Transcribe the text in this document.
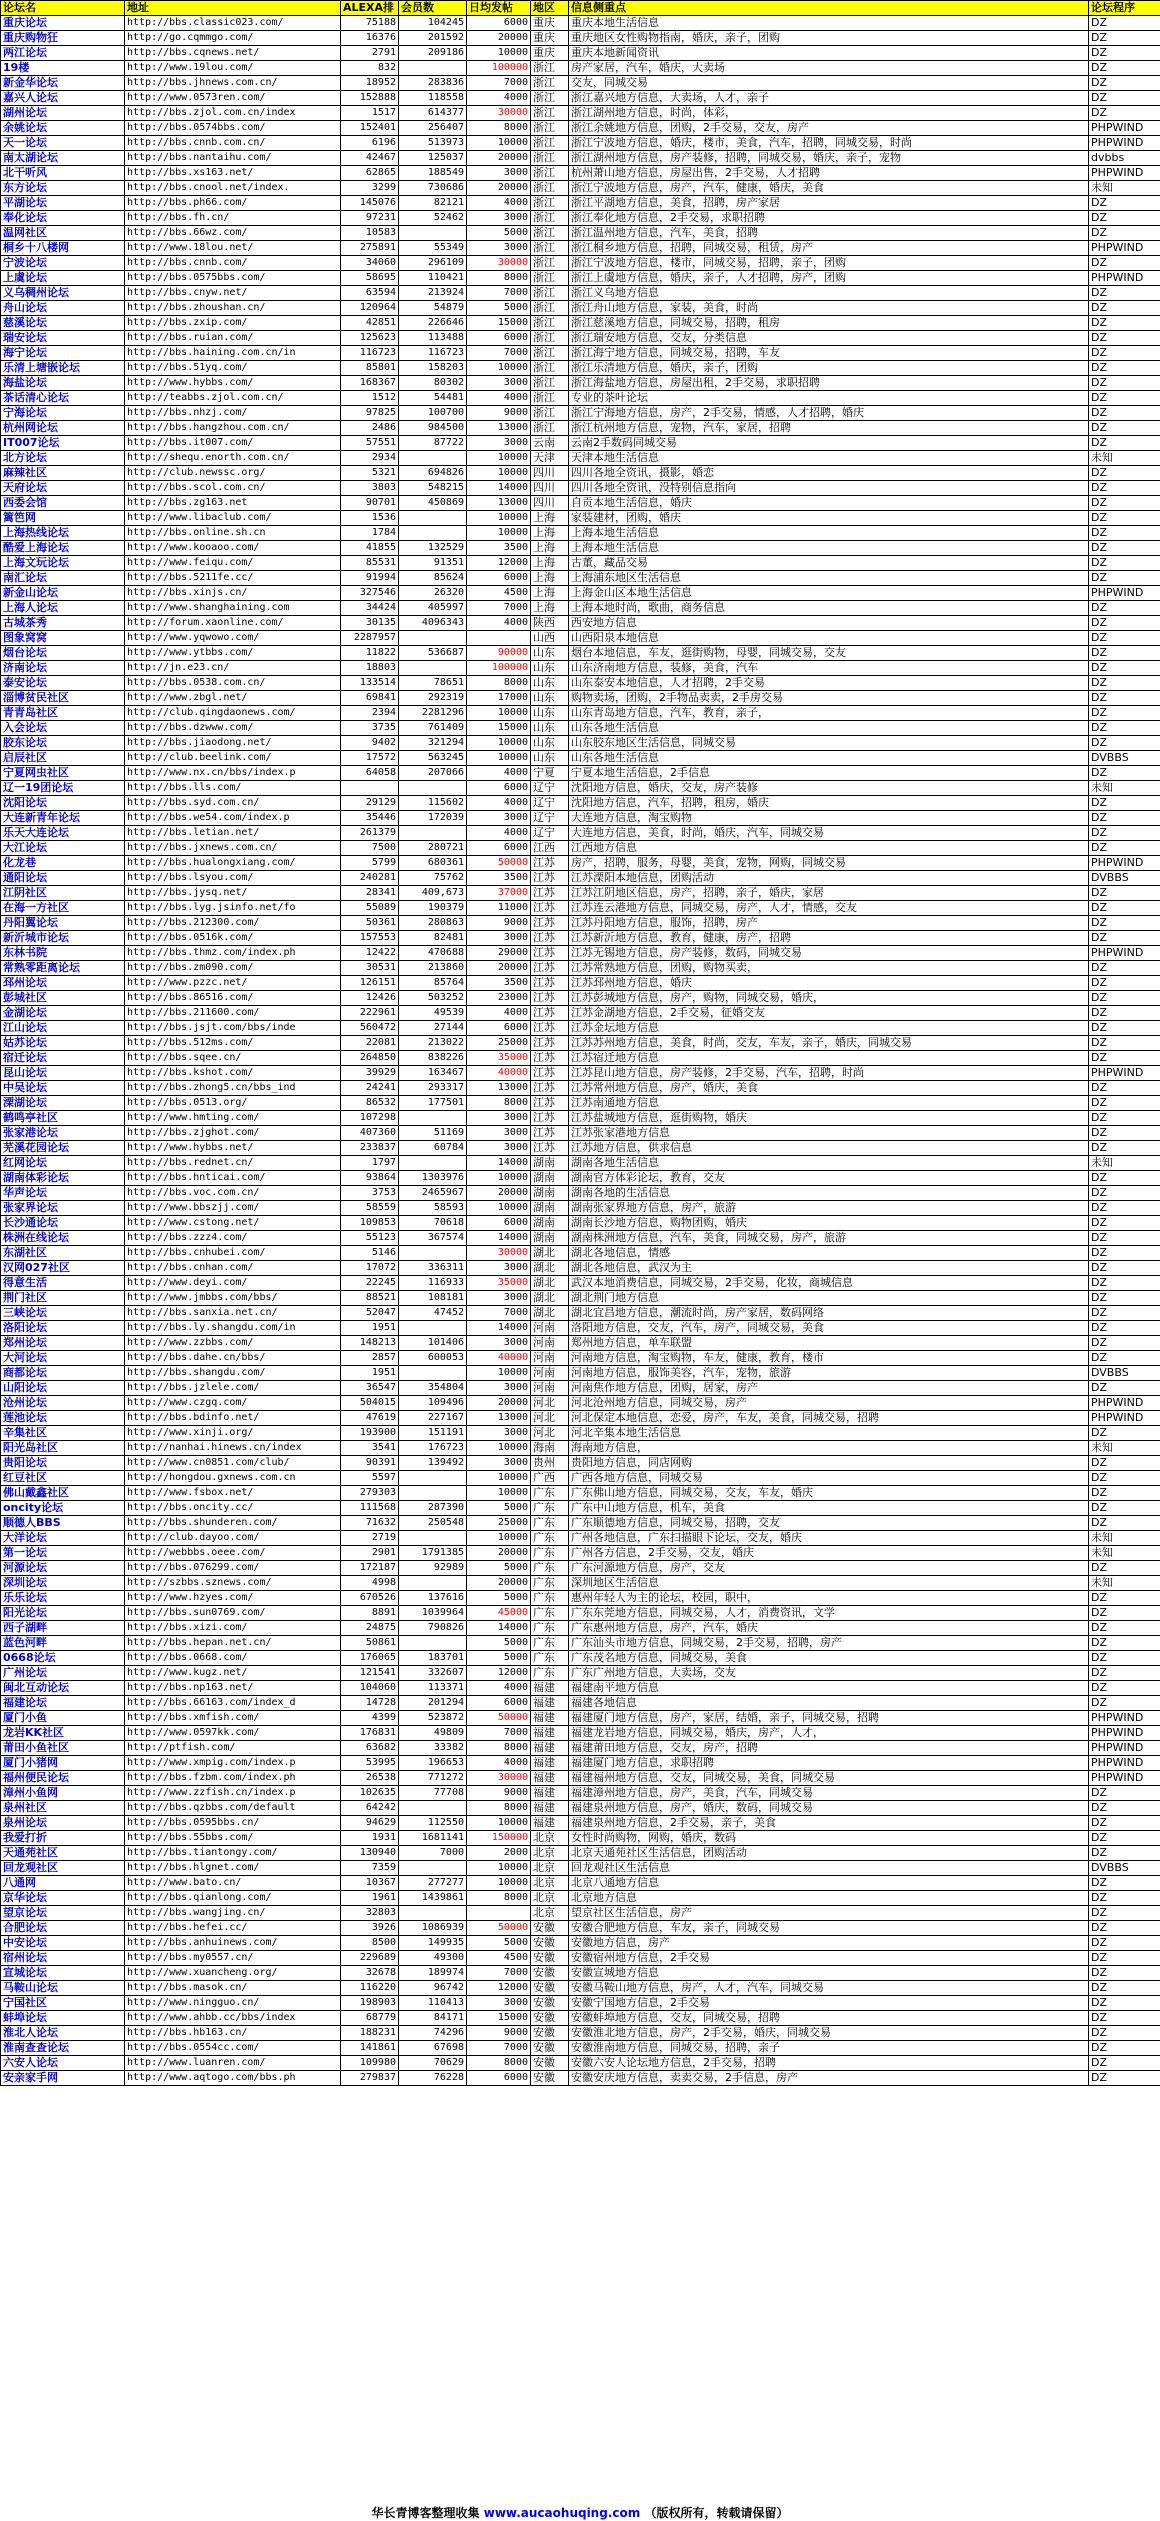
论坛名	地址	ALEXA排	会员数	日均发帖	地区	信息侧重点	论坛程序
重庆论坛	http://bbs.classic023.com/	75188	104245	6000	重庆	重庆本地生活信息	DZ
重庆购物狂	http://go.cqmmgo.com/	16376	201592	20000	重庆	重庆地区女性购物指南，婚庆，亲子，团购	DZ
两江论坛	http://bbs.cqnews.net/	2791	209186	10000	重庆	重庆本地新闻资讯	DZ
19楼	http://www.19lou.com/	832		100000	浙江	房产家居，汽车，婚庆，大卖场	DZ
新金华论坛	http://bbs.jhnews.com.cn/	18952	283836	7000	浙江	交友，同城交易	DZ
嘉兴人论坛	http://www.0573ren.com/	152888	118558	4000	浙江	浙江嘉兴地方信息，大卖场，人才，亲子	DZ
湖州论坛	http://bbs.zjol.com.cn/index	1517	614377	30000	浙江	浙江湖州地方信息，时尚，体彩，	DZ
余姚论坛	http://bbs.0574bbs.com/	152401	256407	8000	浙江	浙江余姚地方信息，团购，2手交易，交友，房产	PHPWIND
天一论坛	http://bbs.cnnb.com.cn/	6196	513973	10000	浙江	浙江宁波地方信息，婚庆，楼市，美食，汽车，招聘，同城交易，时尚	PHPWIND
南太湖论坛	http://bbs.nantaihu.com/	42467	125037	20000	浙江	浙江湖州地方信息，房产装修，招聘，同城交易，婚庆，亲子，宠物	dvbbs
北干听风	http://bbs.xs163.net/	62865	188549	3000	浙江	杭州萧山地方信息，房屋出售，2手交易，人才招聘	PHPWIND
东方论坛	http://bbs.cnool.net/index.	3299	730686	20000	浙江	浙江宁波地方信息，房产，汽车，健康，婚庆，美食	未知
平湖论坛	http://bbs.ph66.com/	145076	82121	4000	浙江	浙江平湖地方信息，美食，招聘，房产家居	DZ
奉化论坛	http://bbs.fh.cn/	97231	52462	3000	浙江	浙江奉化地方信息，2手交易，求职招聘	DZ
温网社区	http://bbs.66wz.com/	10583		5000	浙江	浙江温州地方信息，汽车，美食，招聘	DZ
桐乡十八楼网	http://www.18lou.net/	275891	55349	3000	浙江	浙江桐乡地方信息，招聘，同城交易，租赁，房产	PHPWIND
宁波论坛	http://bbs.cnnb.com/	34060	296109	30000	浙江	浙江宁波地方信息，楼市，同城交易，招聘，亲子，团购	DZ
上虞论坛	http://bbs.0575bbs.com/	58695	110421	8000	浙江	浙江上虞地方信息，婚庆，亲子，人才招聘，房产，团购	PHPWIND
义乌稠州论坛	http://bbs.cnyw.net/	63594	213924	7000	浙江	浙江义乌地方信息	DZ
舟山论坛	http://bbs.zhoushan.cn/	120964	54879	5000	浙江	浙江舟山地方信息，家装，美食，时尚	DZ
慈溪论坛	http://bbs.zxip.com/	42851	226646	15000	浙江	浙江慈溪地方信息，同城交易，招聘，租房	DZ
瑞安论坛	http://bbs.ruian.com/	125623	113488	6000	浙江	浙江瑞安地方信息，交友，分类信息	DZ
海宁论坛	http://bbs.haining.com.cn/in	116723	116723	7000	浙江	浙江海宁地方信息，同城交易，招聘，车友	DZ
乐清上塘嵌论坛	http://bbs.51yq.com/	85801	158203	10000	浙江	浙江乐清地方信息，婚庆，亲子，团购	DZ
海盐论坛	http://www.hybbs.com/	168367	80302	3000	浙江	浙江海盐地方信息，房屋出租，2手交易，求职招聘	DZ
茶话清心论坛	http://teabbs.zjol.com.cn/	1512	54481	4000	浙江	专业的茶叶论坛	DZ
宁海论坛	http://bbs.nhzj.com/	97825	100700	9000	浙江	浙江宁海地方信息，房产，2手交易，情感，人才招聘，婚庆	DZ
杭州网论坛	http://bbs.hangzhou.com.cn/	2486	984500	13000	浙江	浙江杭州地方信息，宠物，汽车，家居，招聘	DZ
IT007论坛	http://bbs.it007.com/	57551	87722	3000	云南	云南2手数码同城交易	DZ
北方论坛	http://shequ.enorth.com.cn/	2934		10000	天津	天津本地生活信息	未知
麻辣社区	http://club.newssc.org/	5321	694826	10000	四川	四川各地全资讯，摄影，婚恋	DZ
天府论坛	http://bbs.scol.com.cn/	3803	548215	14000	四川	四川各地全资讯，没特别信息指向	DZ
西委会馆	http://bbs.zg163.net	90701	450869	13000	四川	自贡本地生活信息，婚庆	DZ
篱笆网	http://www.libaclub.com/	1536		10000	上海	家装建材，团购，婚庆	DZ
上海热线论坛	http://bbs.online.sh.cn	1784		10000	上海	上海本地生活信息	DZ
酷爱上海论坛	http://www.kooaoo.com/	41855	132529	3500	上海	上海本地生活信息	DZ
上海文玩论坛	http://www.feiqu.com/	85531	91351	12000	上海	古董，藏品交易	DZ
南汇论坛	http://bbs.5211fe.cc/	91994	85624	6000	上海	上海浦东地区生活信息	DZ
新金山论坛	http://bbs.xinjs.cn/	327546	26320	4500	上海	上海金山区本地生活信息	PHPWIND
上海人论坛	http://www.shanghaining.com	34424	405997	7000	上海	上海本地时尚，歌曲，商务信息	DZ
古城茶秀	http://forum.xaonline.com/	30135	4096343	4000	陕西	西安地方信息	DZ
图象窝窝	http://www.yqwowo.com/	2287957			山西	山西阳泉本地信息	DZ
烟台论坛	http://www.ytbbs.com/	11822	536687	90000	山东	烟台本地信息，车友，逛街购物，母婴，同城交易，交友	DZ
济南论坛	http://jn.e23.cn/	18803		100000	山东	山东济南地方信息，装修，美食，汽车	DZ
泰安论坛	http://bbs.0538.com.cn/	133514	78651	8000	山东	山东泰安本地信息，人才招聘，2手交易	DZ
淄博贫民社区	http://www.zbgl.net/	69841	292319	17000	山东	购物卖场，团购，2手物品卖卖，2手房交易	DZ
青青岛社区	http://club.qingdaonews.com/	2394	2281296	10000	山东	山东青岛地方信息，汽车，教育，亲子，	DZ
入会论坛	http://bbs.dzwww.com/	3735	761409	15000	山东	山东各地生活信息	DZ
胶东论坛	http://bbs.jiaodong.net/	9402	321294	10000	山东	山东胶东地区生活信息，同城交易	DZ
启辰社区	http://club.beelink.com/	17572	563245	10000	山东	山东各地生活信息	DVBBS
宁夏网虫社区	http://www.nx.cn/bbs/index.p	64058	207066	4000	宁夏	宁夏本地生活信息，2手信息	DZ
辽一19团论坛	http://bbs.lls.com/			6000	辽宁	沈阳地方信息，婚庆，交友，房产装修	未知
沈阳论坛	http://bbs.syd.com.cn/	29129	115602	4000	辽宁	沈阳地方信息，汽车，招聘，租房，婚庆	DZ
大连新青年论坛	http://bbs.we54.com/index.p	35446	172039	3000	辽宁	大连地方信息，淘宝购物	DZ
乐天大连论坛	http://bbs.letian.net/	261379		4000	辽宁	大连地方信息，美食，时尚，婚庆，汽车，同城交易	DZ
大江论坛	http://bbs.jxnews.com.cn/	7500	280721	6000	江西	江西地方信息	DZ
化龙巷	http://bbs.hualongxiang.com/	5799	680361	50000	江苏	房产，招聘，服务，母婴，美食，宠物，网购，同城交易	PHPWIND
通阳论坛	http://bbs.lsyou.com/	240281	75762	3500	江苏	江苏溧阳本地信息，团购活动	DVBBS
江阴社区	http://bbs.jysq.net/	28341	409,673	37000	江苏	江苏江阴地区信息，房产，招聘，亲子，婚庆，家居	DZ
在海一方社区	http://bbs.lyg.jsinfo.net/fo	55089	190379	11000	江苏	江苏连云港地方信息，同城交易，房产，人才，情感，交友	DZ
丹阳翼论坛	http://bbs.212300.com/	50361	280863	9000	江苏	江苏丹阳地方信息，服饰，招聘，房产	DZ
新沂城市论坛	http://bbs.0516k.com/	157553	82481	3000	江苏	江苏新沂地方信息，教育，健康，房产，招聘	DZ
东林书院	http://bbs.thmz.com/index.ph	12422	470688	29000	江苏	江苏无锡地方信息，房产装修，数码，同城交易	PHPWIND
常熟零距离论坛	http://bbs.zm090.com/	30531	213860	20000	江苏	江苏常熟地方信息，团购，购物买卖，	DZ
邳州论坛	http://www.pzzc.net/	126151	85764	3500	江苏	江苏邳州地方信息，婚庆	DZ
彭城社区	http://bbs.86516.com/	12426	503252	23000	江苏	江苏彭城地方信息，房产，购物，同城交易，婚庆，	DZ
金湖论坛	http://bbs.211600.com/	222961	49539	4000	江苏	江苏金湖地方信息，2手交易，征婚交友	DZ
江山论坛	http://bbs.jsjt.com/bbs/inde	560472	27144	6000	江苏	江苏金坛地方信息	DZ
姑苏论坛	http://bbs.512ms.com/	22081	213022	25000	江苏	江苏苏州地方信息，美食，时尚，交友，车友，亲子，婚庆，同城交易	DZ
宿迁论坛	http://bbs.sqee.cn/	264850	838226	35000	江苏	江苏宿迁地方信息	DZ
昆山论坛	http://bbs.kshot.com/	39929	163467	40000	江苏	江苏昆山地方信息，房产装修，2手交易，汽车，招聘，时尚	PHPWIND
中吴论坛	http://bbs.zhong5.cn/bbs_ind	24241	293317	13000	江苏	江苏常州地方信息，房产，婚庆，美食	DZ
溧湖论坛	http://bbs.0513.org/	86532	177501	8000	江苏	江苏南通地方信息	DZ
鹤鸣亭社区	http://www.hmting.com/	107298		3000	江苏	江苏盐城地方信息，逛街购物，婚庆	DZ
张家港论坛	http://bbs.zjghot.com/	407360	51169	3000	江苏	江苏张家港地方信息	DZ
芜溪花园论坛	http://www.hybbs.net/	233837	60784	3000	江苏	江苏地方信息，供求信息	DZ
红网论坛	http://bbs.rednet.cn/	1797		14000	湖南	湖南各地生活信息	未知
湖南体彩论坛	http://bbs.hnticai.com/	93864	1303976	10000	湖南	湖南官方体彩论坛，教育，交友	DZ
华声论坛	http://bbs.voc.com.cn/	3753	2465967	20000	湖南	湖南各地的生活信息	DZ
张家界论坛	http://www.bbszjj.com/	58559	58593	10000	湖南	湖南张家界地方信息，房产，旅游	DZ
长沙通论坛	http://www.cstong.net/	109853	70618	6000	湖南	湖南长沙地方信息，购物团购，婚庆	DZ
株洲在线论坛	http://bbs.zzz4.com/	55123	367574	14000	湖南	湖南株洲地方信息，汽车，美食，同城交易，房产，旅游	DZ
东湖社区	http://bbs.cnhubei.com/	5146		30000	湖北	湖北各地信息，情感	DZ
汉网027社区	http://bbs.cnhan.com/	17072	336311	3000	湖北	湖北各地信息，武汉为主	DZ
得意生活	http://www.deyi.com/	22245	116933	35000	湖北	武汉本地消费信息，同城交易，2手交易，化妆，商城信息	DZ
荆门社区	http://www.jmbbs.com/bbs/	88521	108181	3000	湖北	湖北荆门地方信息	DZ
三峡论坛	http://bbs.sanxia.net.cn/	52047	47452	7000	湖北	湖北宜昌地方信息，潮流时尚，房产家居，数码网络	DZ
洛阳论坛	http://bbs.ly.shangdu.com/in	1951		14000	河南	洛阳地方信息，交友，汽车，房产，同城交易，美食	DZ
郑州论坛	http://www.zzbbs.com/	148213	101406	3000	河南	郑州地方信息，单车联盟	DZ
大河论坛	http://bbs.dahe.cn/bbs/	2857	600053	40000	河南	河南地方信息，淘宝购物，车友，健康，教育，楼市	DZ
商都论坛	http://bbs.shangdu.com/	1951		10000	河南	河南地方信息，服饰美容，汽车，宠物，旅游	DVBBS
山阳论坛	http://bbs.jzlele.com/	36547	354804	3000	河南	河南焦作地方信息，团购，居家，房产	DZ
沧州论坛	http://www.czgq.com/	504015	109496	20000	河北	河北沧州地方信息，同城交易，房产	PHPWIND
莲池论坛	http://bbs.bdinfo.net/	47619	227167	13000	河北	河北保定本地信息，恋爱，房产，车友，美食，同城交易，招聘	PHPWIND
辛集社区	http://www.xinji.org/	193900	151191	3000	河北	河北辛集本地生活信息	DZ
阳光岛社区	http://nanhai.hinews.cn/index	3541	176723	10000	海南	海南地方信息，	未知
贵阳论坛	http://www.cn0851.com/club/	90391	139492	3000	贵州	贵阳地方信息，同店网购	DZ
红豆社区	http://hongdou.gxnews.com.cn	5597		10000	广西	广西各地方信息，同城交易	DZ
佛山戴鑫社区	http://www.fsbox.net/	279303		10000	广东	广东佛山地方信息，同城交易，交友，车友，婚庆	DZ
oncity论坛	http://bbs.oncity.cc/	111568	287390	5000	广东	广东中山地方信息，机车，美食	DZ
顺德人BBS	http://bbs.shunderen.com/	71632	250548	25000	广东	广东顺德地方信息，同城交易，招聘，交友	DZ
大洋论坛	http://club.dayoo.com/	2719		10000	广东	广州各地信息，广东扫描眼下论坛，交友，婚庆	未知
第一论坛	http://webbbs.oeee.com/	2901	1791385	20000	广东	广州各方信息，2手交易，交友，婚庆	未知
河源论坛	http://bbs.076299.com/	172187	92989	5000	广东	广东河源地方信息，房产，交友	DZ
深圳论坛	http://szbbs.sznews.com/	4998		20000	广东	深圳地区生活信息	未知
乐乐论坛	http://www.hzyes.com/	670526	137616	5000	广东	惠州年轻人为主的论坛，校园，职中，	DZ
阳光论坛	http://bbs.sun0769.com/	8891	1039964	45000	广东	广东东莞地方信息，同城交易，人才，消费资讯，文学	DZ
西子湖畔	http://bbs.xizi.com/	24875	790826	14000	广东	广东惠州地方信息，房产，汽车，婚庆	DZ
蓝色河畔	http://bbs.hepan.net.cn/	50861		5000	广东	广东汕头市地方信息，同城交易，2手交易，招聘，房产	DZ
0668论坛	http://bbs.0668.com/	176065	183701	5000	广东	广东茂名地方信息，同城交易，美食	DZ
广州论坛	http://www.kugz.net/	121541	332607	12000	广东	广东广州地方信息，大卖场，交友	DZ
闽北互动论坛	http://bbs.np163.net/	104060	113371	4000	福建	福建南平地方信息	DZ
福建论坛	http://bbs.66163.com/index_d	14728	201294	6000	福建	福建各地信息	DZ
厦门小鱼	http://bbs.xmfish.com/	4399	523872	50000	福建	福建厦门地方信息，房产，家居，结婚，亲子，同城交易，招聘	PHPWIND
龙岩KK社区	http://www.0597kk.com/	176831	49809	7000	福建	福建龙岩地方信息，同城交易，婚庆，房产，人才，	PHPWIND
莆田小鱼社区	http://ptfish.com/	63682	33382	8000	福建	福建莆田地方信息，交友，房产，招聘	PHPWIND
厦门小猪网	http://www.xmpig.com/index.p	53995	196653	4000	福建	福建厦门地方信息，求职招聘	PHPWIND
福州便民论坛	http://bbs.fzbm.com/index.ph	26538	771272	30000	福建	福建福州地方信息，交友，同城交易，美食，同城交易	PHPWIND
漳州小鱼网	http://www.zzfish.cn/index.p	102635	77708	9000	福建	福建漳州地方信息，房产，美食，汽车，同城交易	DZ
泉州社区	http://bbs.qzbbs.com/default	64242		8000	福建	福建泉州地方信息，房产，婚庆，数码，同城交易	DZ
泉州论坛	http://bbs.0595bbs.cn/	94629	112550	10000	福建	福建泉州地方信息，2手交易，亲子，美食	DZ
我爱打折	http://bbs.55bbs.com/	1931	1681141	150000	北京	女性时尚购物，网购，婚庆，数码	DZ
天通苑社区	http://bbs.tiantongy.com/	130940	7000	2000	北京	北京天通苑社区生活信息，团购活动	DZ
回龙观社区	http://bbs.hlgnet.com/	7359		10000	北京	回龙观社区生活信息	DVBBS
八通网	http://www.bato.cn/	10367	277277	10000	北京	北京八通地方信息	DZ
京华论坛	http://bbs.qianlong.com/	1961	1439861	8000	北京	北京地方信息	DZ
望京论坛	http://bbs.wangjing.cn/	32803			北京	望京社区生活信息，房产	DZ
合肥论坛	http://bbs.hefei.cc/	3926	1086939	50000	安徽	安徽合肥地方信息，车友，亲子，同城交易	DZ
中安论坛	http://bbs.anhuinews.com/	8500	149935	5000	安徽	安徽地方信息，房产	DZ
宿州论坛	http://bbs.my0557.cn/	229689	49300	4500	安徽	安徽宿州地方信息，2手交易	DZ
宣城论坛	http://www.xuancheng.org/	32678	189974	7000	安徽	安徽宣城地方信息	DZ
马鞍山论坛	http://bbs.masok.cn/	116220	96742	12000	安徽	安徽马鞍山地方信息，房产，人才，汽车，同城交易	DZ
宁国社区	http://www.ningguo.cn/	198903	110413	3000	安徽	安徽宁国地方信息，2手交易	DZ
蚌埠论坛	http://www.ahbb.cc/bbs/index	68779	84171	15000	安徽	安徽蚌埠地方信息，交友，同城交易，招聘	DZ
淮北人论坛	http://bbs.hb163.cn/	188231	74296	9000	安徽	安徽淮北地方信息，房产，2手交易，婚庆，同城交易	DZ
淮南查查论坛	http://bbs.0554cc.com/	141861	67698	7000	安徽	安徽淮南地方信息，同城交易，招聘，亲子	DZ
六安人论坛	http://www.luanren.com/	109980	70629	8000	安徽	安徽六安人论坛地方信息，2手交易，招聘	DZ
安亲家手网	http://www.aqtogo.com/bbs.ph	279837	76228	6000	安徽	安徽安庆地方信息，卖卖交易，2手信息，房产	DZ
华长青博客整理收集 www.aucaohuqing.com （版权所有，转载请保留）
